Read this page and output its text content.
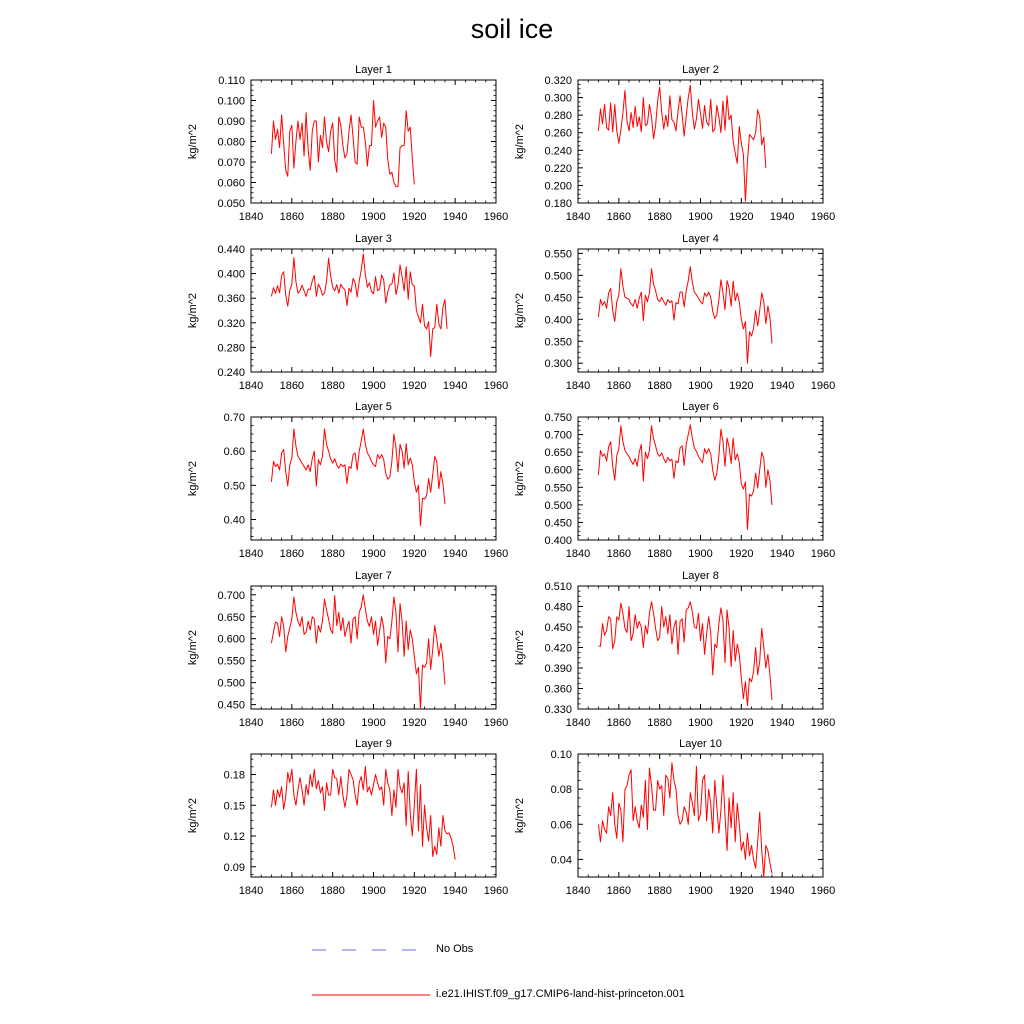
soil ice
Layer 1
kg/m^2
1840 1860 1880 1900 1920 1940 1960
0.050
0.060
0.070
0.080
0.090
0.100
0.110
Layer 2
kg/m^2
1840 1860 1880 1900 1920 1940 1960
0.180
0.200
0.220
0.240
0.260
0.280
0.300
0.320
Layer 3
kg/m^2
1840 1860 1880 1900 1920 1940 1960
0.240
0.280
0.320
0.360
0.400
0.440
Layer 4
kg/m^2
1840 1860 1880 1900 1920 1940 1960
0.300
0.350
0.400
0.450
0.500
0.550
Layer 5
kg/m^2
1840 1860 1880 1900 1920 1940 1960
0.40
0.50
0.60
0.70
Layer 6
kg/m^2
1840 1860 1880 1900 1920 1940 1960
0.400
0.450
0.500
0.550
0.600
0.650
0.700
0.750
Layer 7
kg/m^2
1840 1860 1880 1900 1920 1940 1960
0.450
0.500
0.550
0.600
0.650
0.700
Layer 8
kg/m^2
1840 1860 1880 1900 1920 1940 1960
0.330
0.360
0.390
0.420
0.450
0.480
0.510
Layer 9
kg/m^2
1840 1860 1880 1900 1920 1940 1960
0.09
0.12
0.15
0.18
Layer 10
kg/m^2
1840 1860 1880 1900 1920 1940 1960
0.04
0.06
0.08
0.10
No Obs
i.e21.IHIST.f09_g17.CMIP6-land-hist-princeton.001
